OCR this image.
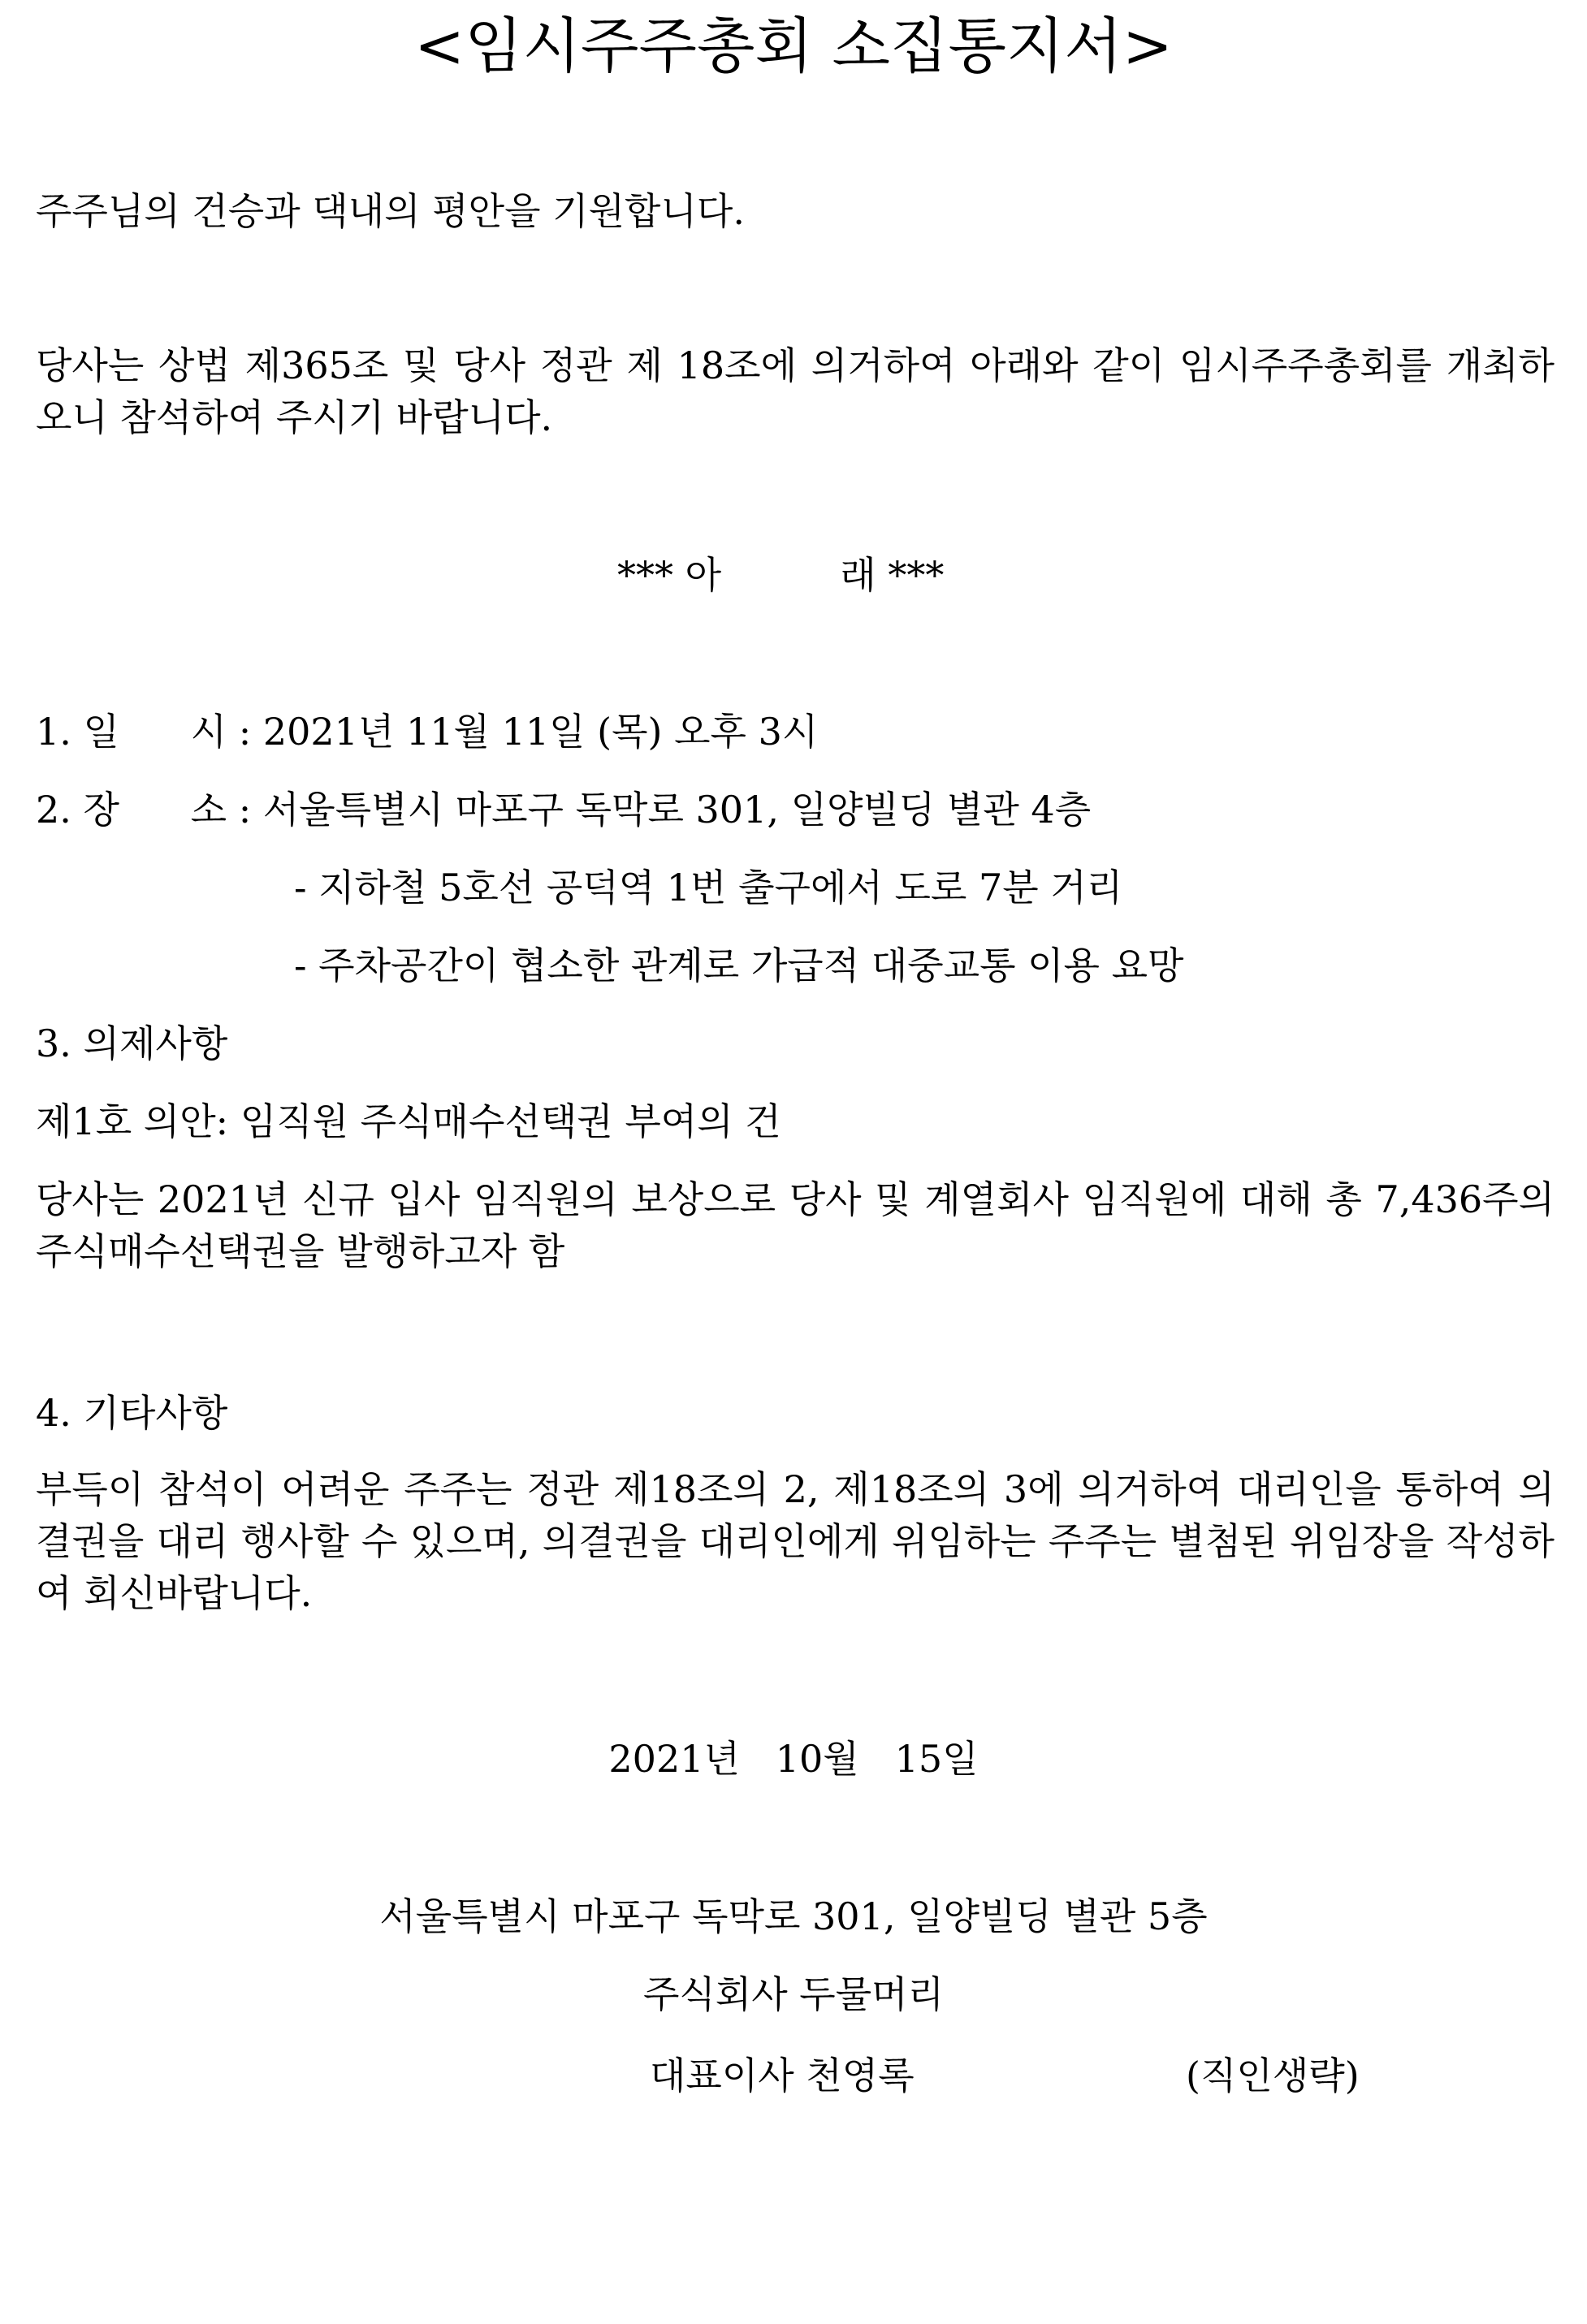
<임시주주총회 소집통지서>
주주님의 건승과 댁내의 평안을 기원합니다.
당사는 상법 제365조 및 당사 정관 제 18조에 의거하여 아래와 같이 임시주주총회를 개최하오니 참석하여 주시기 바랍니다.
*** 아          래 ***
1. 일      시 : 2021년 11월 11일 (목) 오후 3시
2. 장      소 : 서울특별시 마포구 독막로 301, 일양빌딩 별관 4층
- 지하철 5호선 공덕역 1번 출구에서 도로 7분 거리
- 주차공간이 협소한 관계로 가급적 대중교통 이용 요망
3. 의제사항
제1호 의안: 임직원 주식매수선택권 부여의 건
당사는 2021년 신규 입사 임직원의 보상으로 당사 및 계열회사 임직원에 대해 총 7,436주의 주식매수선택권을 발행하고자 함
4. 기타사항
부득이 참석이 어려운 주주는 정관 제18조의 2, 제18조의 3에 의거하여 대리인을 통하여 의결권을 대리 행사할 수 있으며, 의결권을 대리인에게 위임하는 주주는 별첨된 위임장을 작성하여 회신바랍니다.
2021년   10월   15일
서울특별시 마포구 독막로 301, 일양빌딩 별관 5층
주식회사 두물머리
대표이사 천영록	(직인생략)
